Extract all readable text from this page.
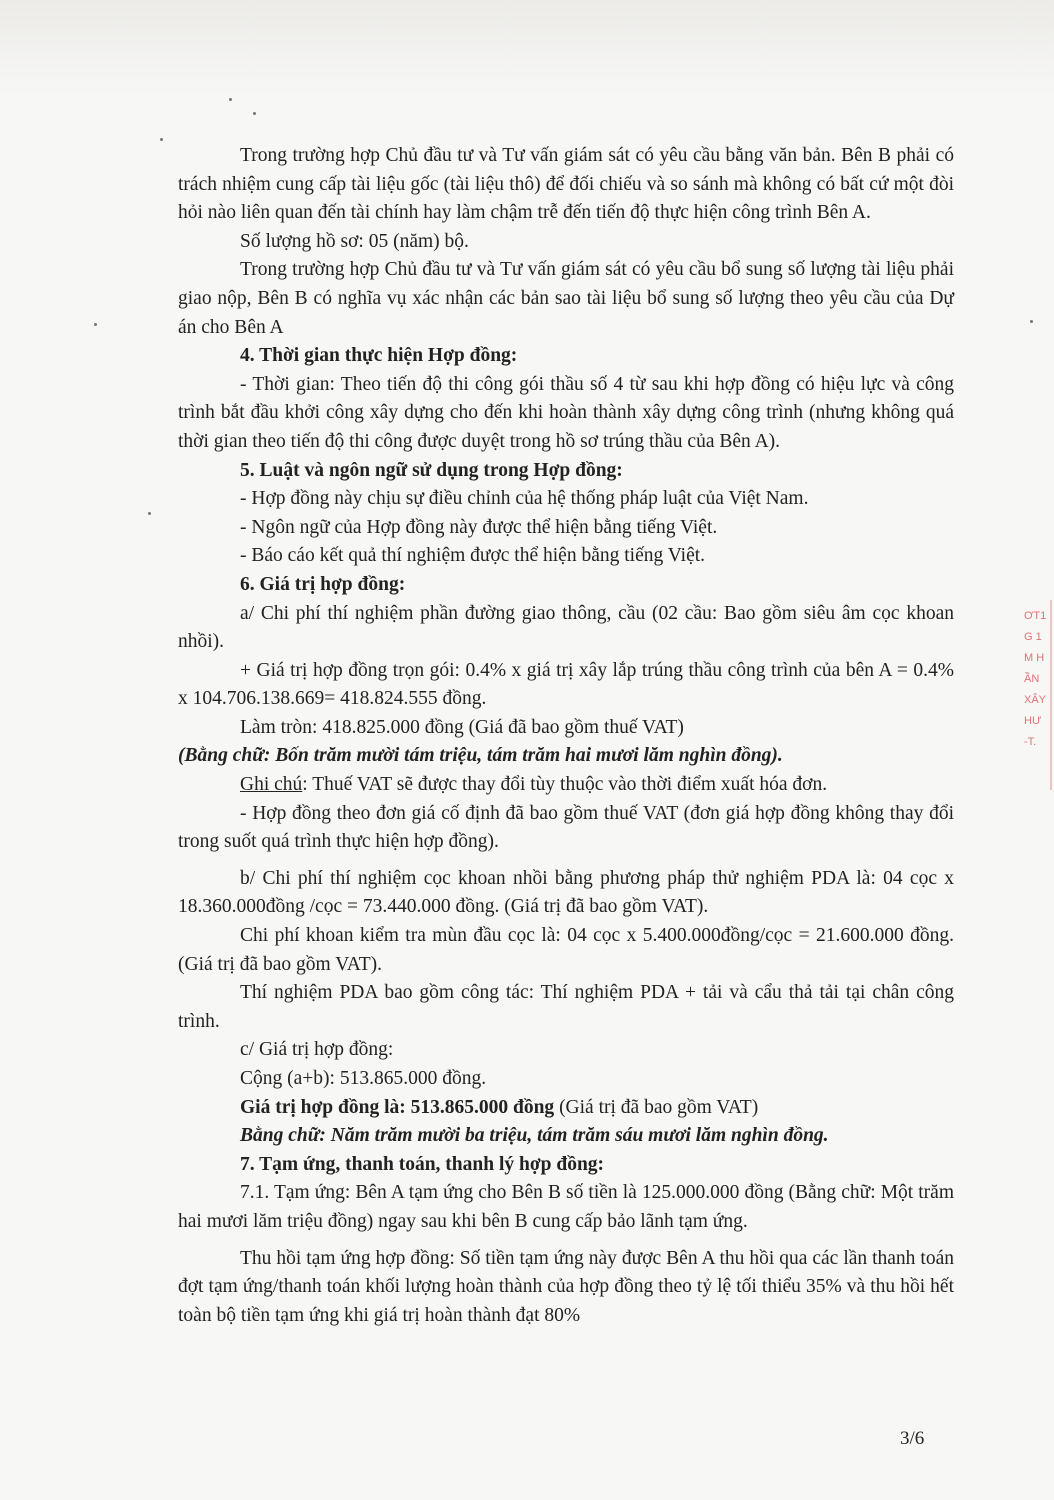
Trong trường hợp Chủ đầu tư và Tư vấn giám sát có yêu cầu bằng văn bản. Bên B phải có trách nhiệm cung cấp tài liệu gốc (tài liệu thô) để đối chiếu và so sánh mà không có bất cứ một đòi hỏi nào liên quan đến tài chính hay làm chậm trễ đến tiến độ thực hiện công trình Bên A.

Số lượng hồ sơ: 05 (năm) bộ.

Trong trường hợp Chủ đầu tư và Tư vấn giám sát có yêu cầu bổ sung số lượng tài liệu phải giao nộp, Bên B có nghĩa vụ xác nhận các bản sao tài liệu bổ sung số lượng theo yêu cầu của Dự án cho Bên A

4. Thời gian thực hiện Hợp đồng:

- Thời gian: Theo tiến độ thi công gói thầu số 4 từ sau khi hợp đồng có hiệu lực và công trình bắt đầu khởi công xây dựng cho đến khi hoàn thành xây dựng công trình (nhưng không quá thời gian theo tiến độ thi công được duyệt trong hồ sơ trúng thầu của Bên A).

5. Luật và ngôn ngữ sử dụng trong Hợp đồng:

- Hợp đồng này chịu sự điều chỉnh của hệ thống pháp luật của Việt Nam.

- Ngôn ngữ của Hợp đồng này được thể hiện bằng tiếng Việt.

- Báo cáo kết quả thí nghiệm được thể hiện bằng tiếng Việt.

6. Giá trị hợp đồng:

a/ Chi phí thí nghiệm phần đường giao thông, cầu (02 cầu: Bao gồm siêu âm cọc khoan nhồi).

+ Giá trị hợp đồng trọn gói: 0.4% x giá trị xây lắp trúng thầu công trình của bên A = 0.4% x 104.706.138.669= 418.824.555 đồng.

Làm tròn: 418.825.000 đồng (Giá đã bao gồm thuế VAT)

(Bằng chữ: Bốn trăm mười tám triệu, tám trăm hai mươi lăm nghìn đồng).

Ghi chú: Thuế VAT sẽ được thay đổi tùy thuộc vào thời điểm xuất hóa đơn.

- Hợp đồng theo đơn giá cố định đã bao gồm thuế VAT (đơn giá hợp đồng không thay đổi trong suốt quá trình thực hiện hợp đồng).

b/ Chi phí thí nghiệm cọc khoan nhồi bằng phương pháp thử nghiệm PDA là: 04 cọc x 18.360.000đồng /cọc = 73.440.000 đồng. (Giá trị đã bao gồm VAT).

Chi phí khoan kiểm tra mùn đầu cọc là: 04 cọc x 5.400.000đồng/cọc = 21.600.000 đồng. (Giá trị đã bao gồm VAT).

Thí nghiệm PDA bao gồm công tác: Thí nghiệm PDA + tải và cẩu thả tải tại chân công trình.

c/ Giá trị hợp đồng:

Cộng (a+b): 513.865.000 đồng.

Giá trị hợp đồng là: 513.865.000 đồng (Giá trị đã bao gồm VAT)

Bằng chữ: Năm trăm mười ba triệu, tám trăm sáu mươi lăm nghìn đồng.

7. Tạm ứng, thanh toán, thanh lý hợp đồng:

7.1. Tạm ứng: Bên A tạm ứng cho Bên B số tiền là 125.000.000 đồng (Bằng chữ: Một trăm hai mươi lăm triệu đồng) ngay sau khi bên B cung cấp bảo lãnh tạm ứng.

Thu hồi tạm ứng hợp đồng: Số tiền tạm ứng này được Bên A thu hồi qua các lần thanh toán đợt tạm ứng/thanh toán khối lượng hoàn thành của hợp đồng theo tỷ lệ tối thiểu 35% và thu hồi hết toàn bộ tiền tạm ứng khi giá trị hoàn thành đạt 80%

ƠT1
G 1
M H
ẦN
XÂY
HƯ
-T.
3/6
